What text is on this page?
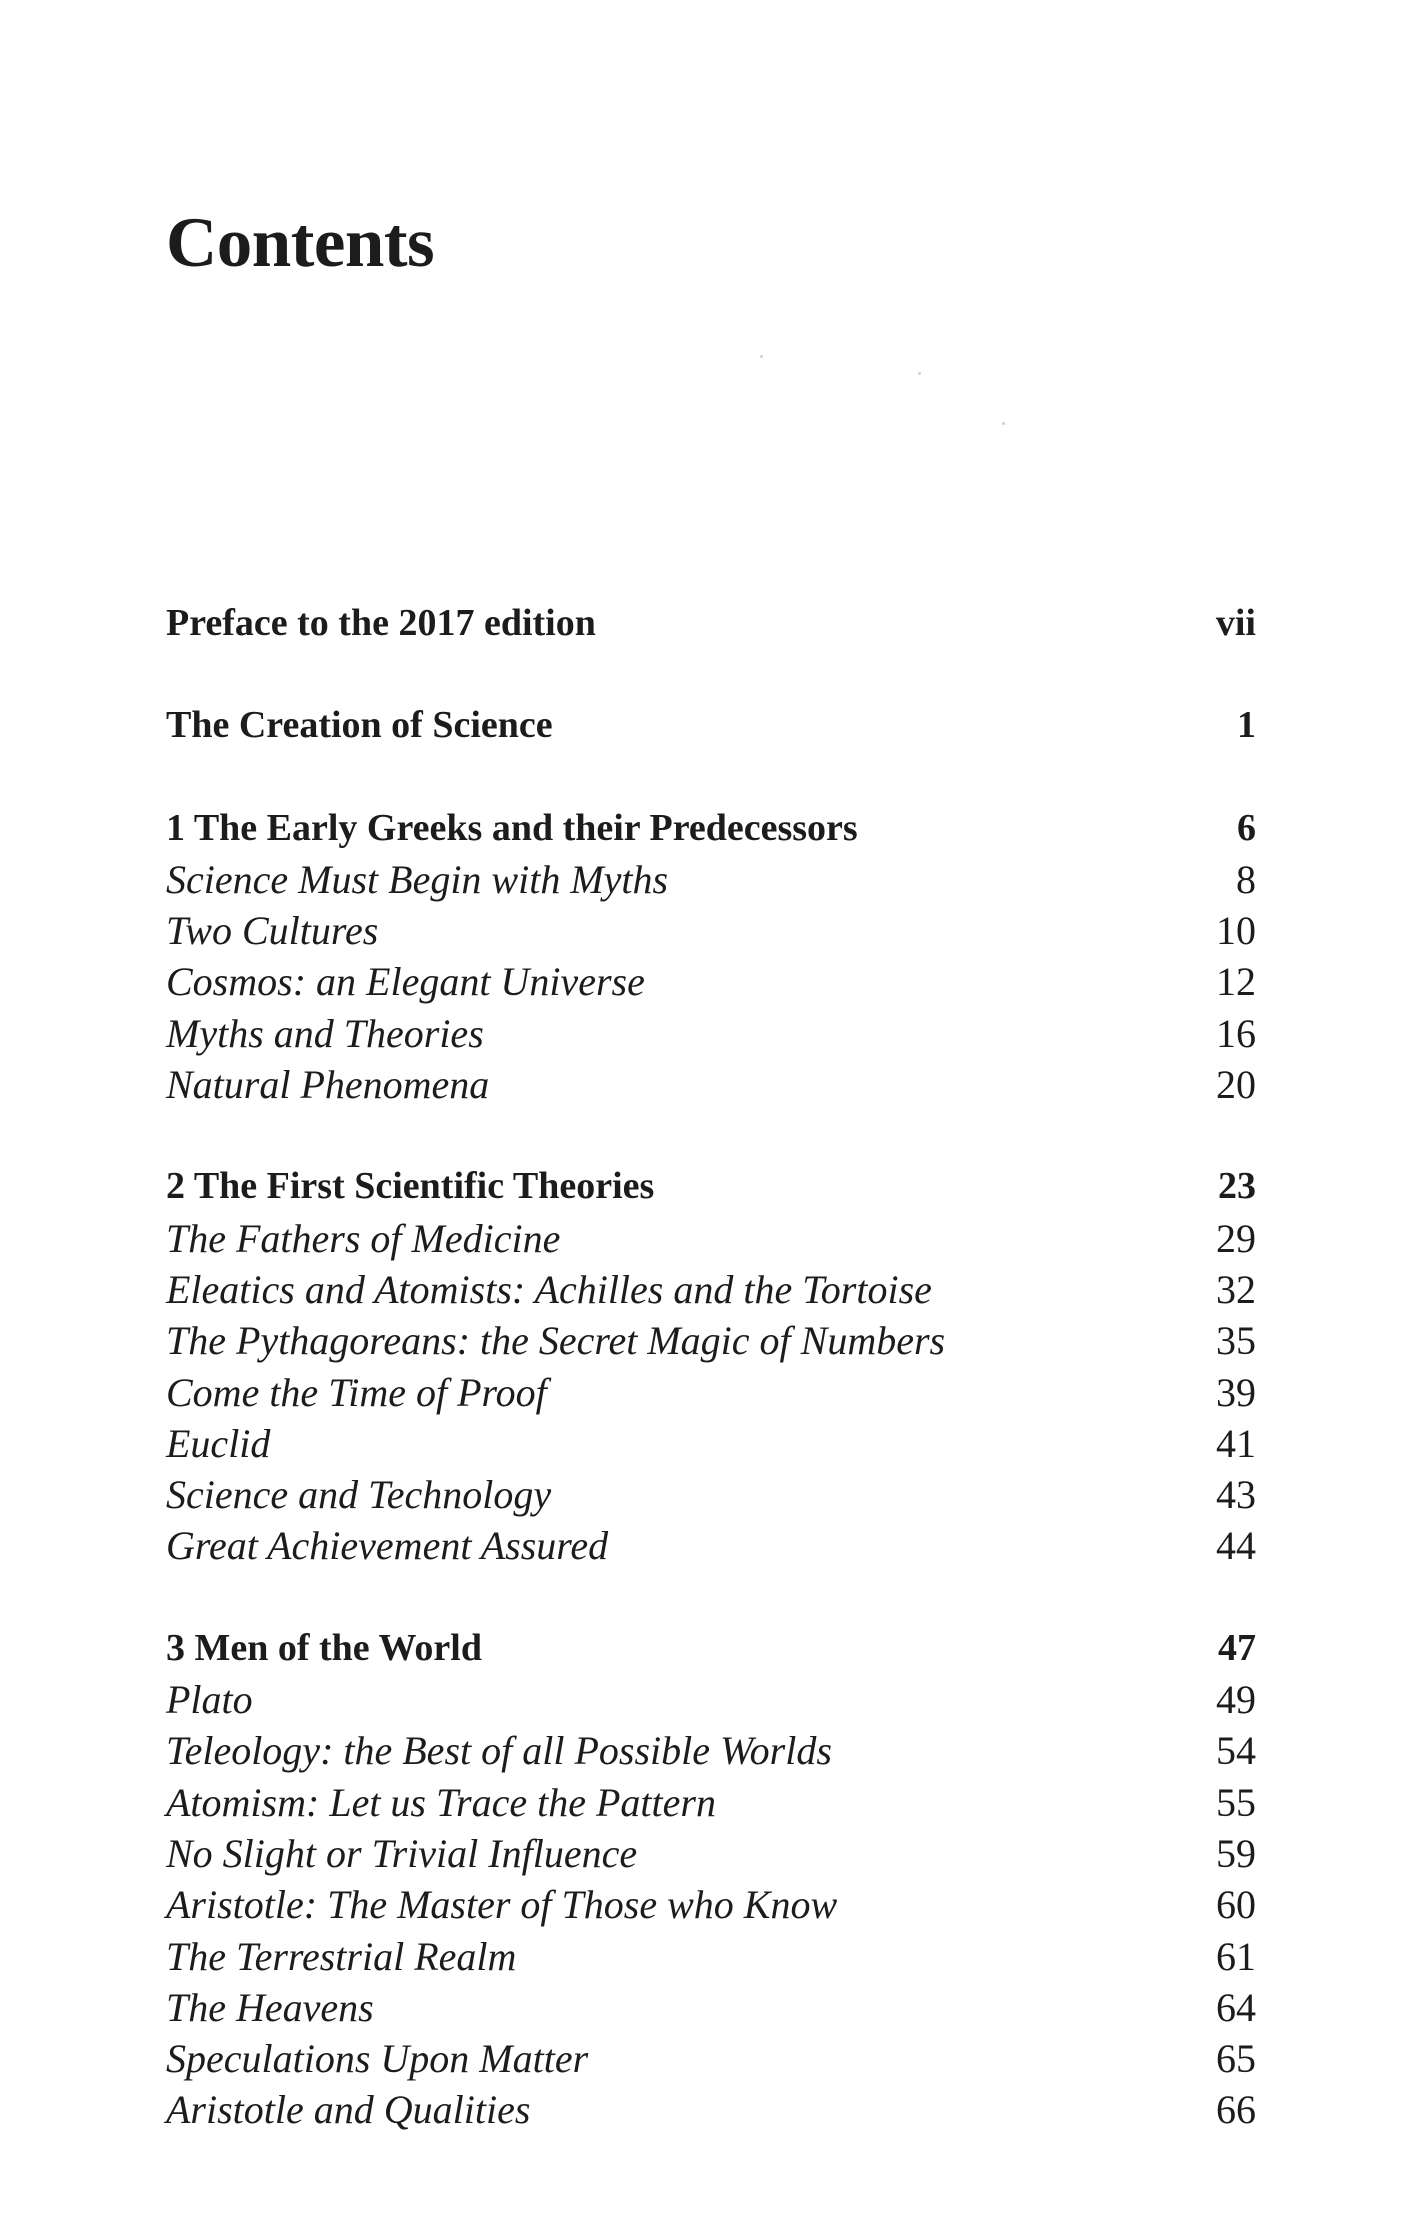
Contents
Preface to the 2017 edition	vii
The Creation of Science	1
1 The Early Greeks and their Predecessors	6
Science Must Begin with Myths	8
Two Cultures	10
Cosmos: an Elegant Universe	12
Myths and Theories	16
Natural Phenomena	20
2 The First Scientific Theories	23
The Fathers of Medicine	29
Eleatics and Atomists: Achilles and the Tortoise	32
The Pythagoreans: the Secret Magic of Numbers	35
Come the Time of Proof	39
Euclid	41
Science and Technology	43
Great Achievement Assured	44
3 Men of the World	47
Plato	49
Teleology: the Best of all Possible Worlds	54
Atomism: Let us Trace the Pattern	55
No Slight or Trivial Influence	59
Aristotle: The Master of Those who Know	60
The Terrestrial Realm	61
The Heavens	64
Speculations Upon Matter	65
Aristotle and Qualities	66
